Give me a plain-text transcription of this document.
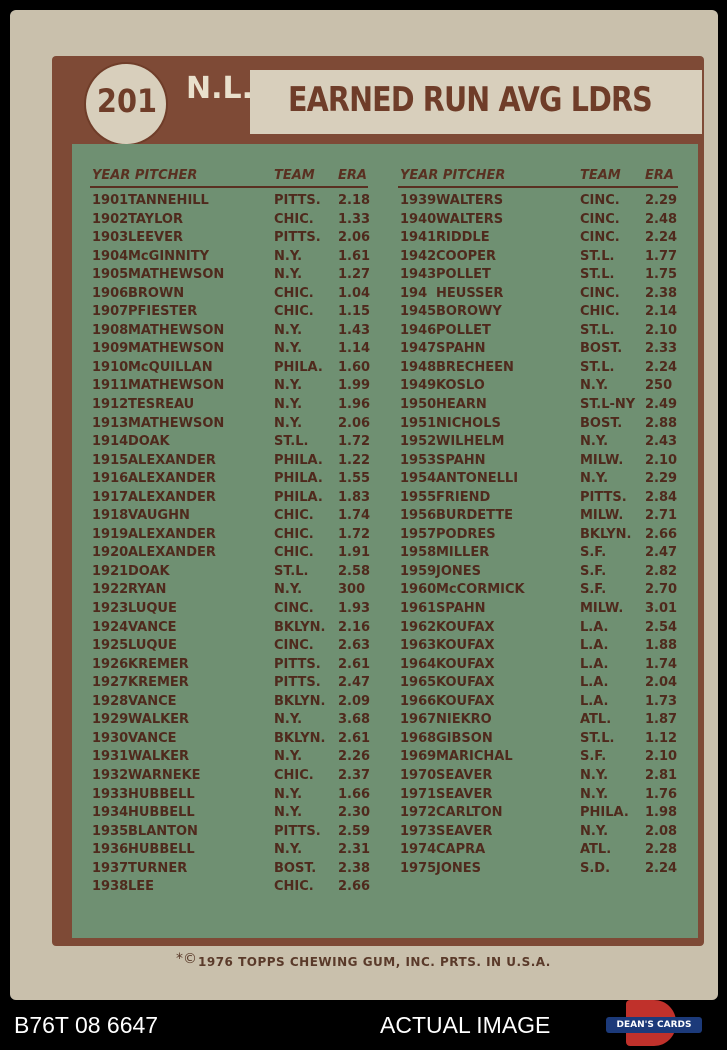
EARNED RUN AVG LDRS
201 N.L.
YEAR PITCHER	TEAM ERA	YEAR PITCHER	TEAM ERA
1901 TANNEHILL	PITTS. 2.18
1902 TAYLOR	CHIC. 1.33
1903 LEEVER	PITTS. 2.06
1904 McGINNITY	N.Y.	1.61
1905 MATHEWSON	N.Y.	1.27
1906 BROWN	CHIC. 1.04
1907 PFIESTER	CHIC. 1.15
1908 MATHEWSON	N.Y.	1.43
1909 MATHEWSON	N.Y.	1.14
1910 McQUILLAN	PHILA. 1.60
1911 MATHEWSON	N.Y.	1.99
1912 TESREAU	N.Y.	1.96
1913 MATHEWSON	N.Y.	2.06
1914 DOAK	ST.L. 1.72
1915 ALEXANDER	PHILA. 1.22
1916 ALEXANDER	PHILA. 1.55
1917 ALEXANDER	PHILA. 1.83
1918 VAUGHN	CHIC. 1.74
1919 ALEXANDER	CHIC. 1.72
1920 ALEXANDER	CHIC. 1.91
1921 DOAK	ST.L. 2.58
1922 RYAN	N.Y.	300
1923 LUQUE	CINC. 1.93
1924 VANCE	BKLYN. 2.16
1925 LUQUE	CINC. 2.63
1926 KREMER	PITTS. 2.61
1927 KREMER	PITTS. 2.47
1928 VANCE	BKLYN. 2.09
1929 WALKER	N.Y.	3.68
1930 VANCE	BKLYN. 2.61
1931 WALKER	N.Y.	2.26
1932 WARNEKE	CHIC. 2.37
1933 HUBBELL	N.Y.	1.66
1934 HUBBELL	N.Y.	2.30
1935 BLANTON	PITTS. 2.59
1936 HUBBELL	N.Y.	2.31
1937 TURNER	BOST. 2.38
1938 LEE	CHIC. 2.66
1939 WALTERS	CINC. 2.29
1940 WALTERS	CINC. 2.48
1941 RIDDLE	CINC. 2.24
1942 COOPER	ST.L. 1.77
1943 POLLET	ST.L. 1.75
194 HEUSSER	CINC. 2.38
1945 BOROWY	CHIC. 2.14
1946 POLLET	ST.L. 2.10
1947 SPAHN	BOST. 2.33
1948 BRECHEEN	ST.L. 2.24
1949 KOSLO	N.Y.	250
1950 HEARN	ST.L-NY 2.49
1951 NICHOLS	BOST. 2.88
1952 WILHELM	N.Y.	2.43
1953 SPAHN	MILW. 2.10
1954 ANTONELLI	N.Y.	2.29
1955 FRIEND	PITTS. 2.84
1956 BURDETTE	MILW. 2.71
1957 PODRES	BKLYN. 2.66
1958 MILLER	S.F.	2.47
1959 JONES	S.F.	2.82
1960 McCORMICK	S.F.	2.70
1961 SPAHN	MILW. 3.01
1962 KOUFAX	L.A.	2.54
1963 KOUFAX	L.A.	1.88
1964 KOUFAX	L.A.	1.74
1965 KOUFAX	L.A.	2.04
1966 KOUFAX	L.A.	1.73
1967 NIEKRO	ATL.	1.87
1968 GIBSON	ST.L. 1.12
1969 MARICHAL	S.F.	2.10
1970 SEAVER	N.Y.	2.81
1971 SEAVER	N.Y.	1.76
1972 CARLTON	PHILA. 1.98
1973 SEAVER	N.Y.	2.08
1974 CAPRA	ATL.	2.28
1975 JONES	S.D.	2.24
*© 1976 TOPPS CHEWING GUM, INC. PRTS. IN U.S.A.
B76T 08 6647	ACTUAL IMAGE	DEAN'S CARDS
